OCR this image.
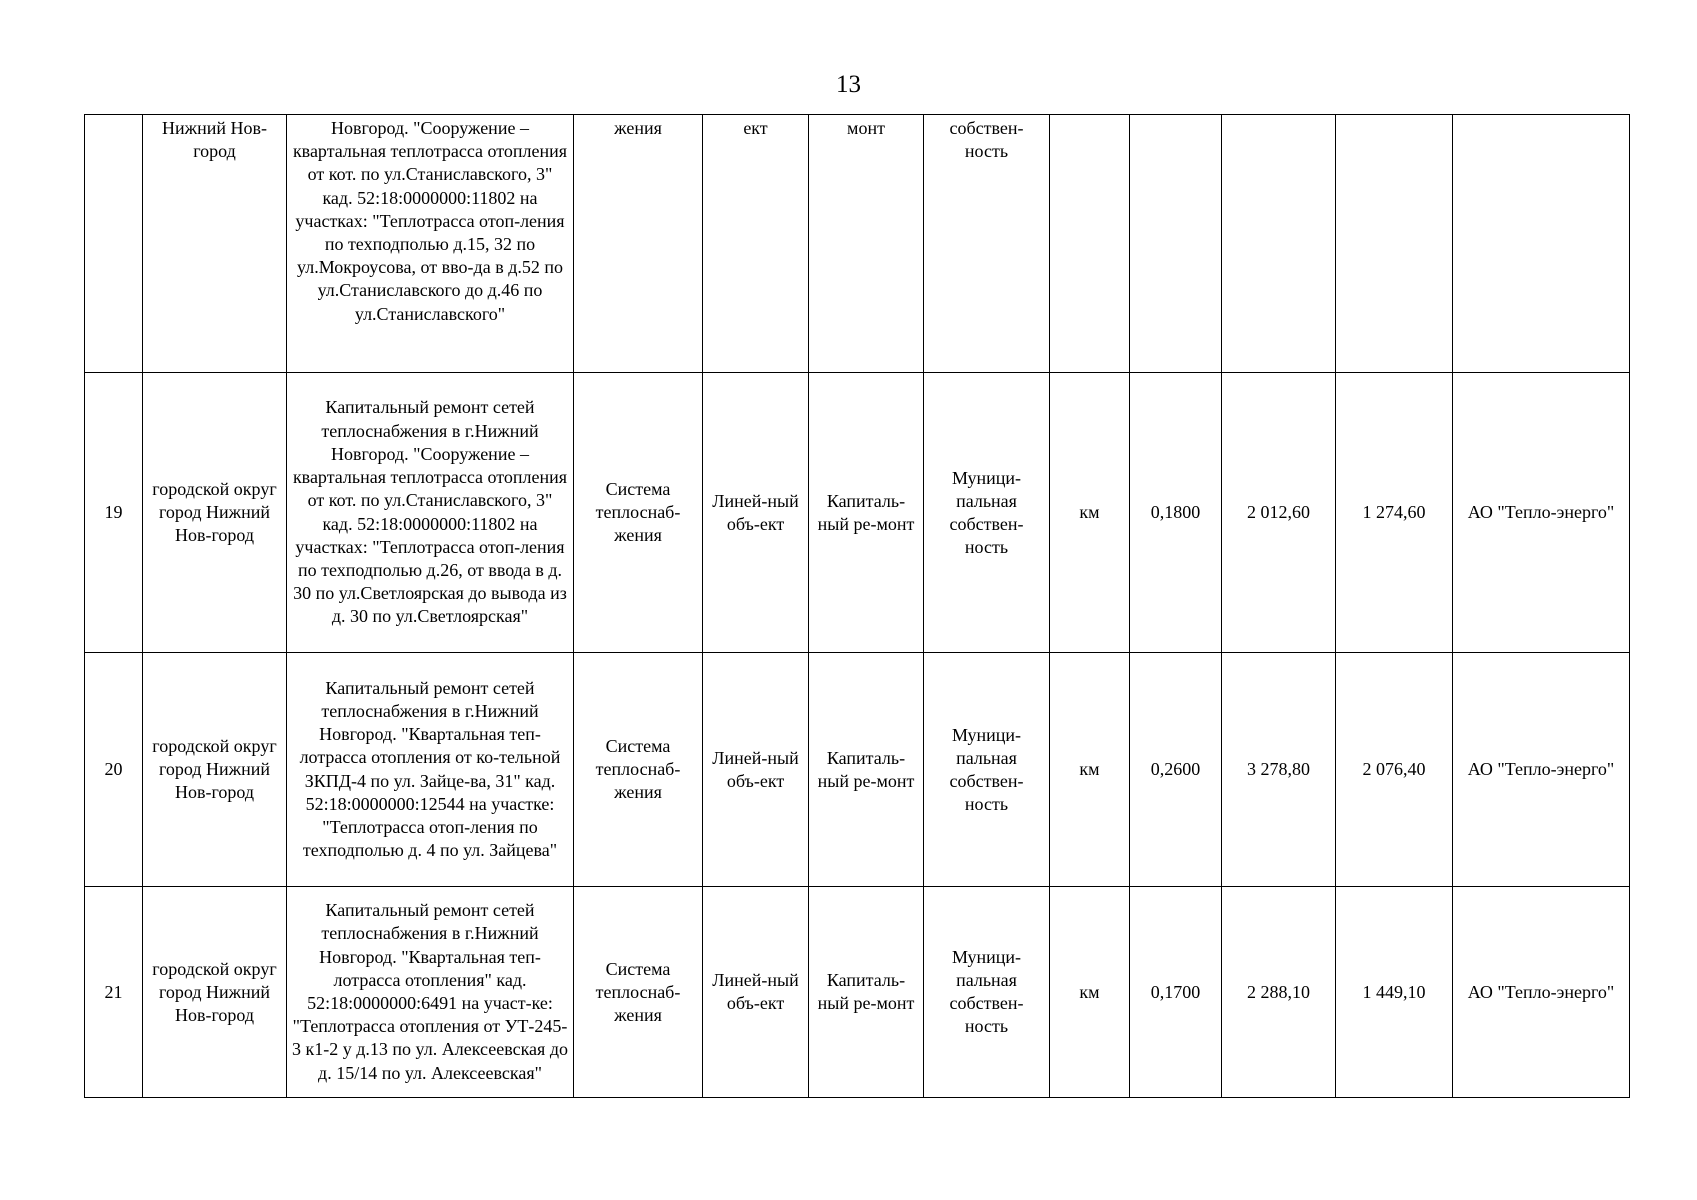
13
	Нижний Нов-город	Новгород. "Сооружение – квартальная теплотрасса отопления от кот. по ул.Станиславского, 3" кад. 52:18:0000000:11802 на участках: "Теплотрасса отоп-ления по техподполью д.15, 32 по ул.Мокроусова, от вво-да в д.52 по ул.Станиславского до д.46 по ул.Станиславского"	жения	ект	монт	собствен-ность					
19	городской округ город Нижний Нов-город	Капитальный ремонт сетей теплоснабжения в г.Нижний Новгород. "Сооружение – квартальная теплотрасса отопления от кот. по ул.Станиславского, 3" кад. 52:18:0000000:11802 на участках: "Теплотрасса отоп-ления по техподполью д.26, от ввода в д. 30 по ул.Светлоярская до вывода из д. 30 по ул.Светлоярская"	Система теплоснаб-жения	Линей-ный объ-ект	Капиталь-ный ре-монт	Муници-пальная собствен-ность	км	0,1800	2 012,60	1 274,60	АО "Тепло-энерго"
20	городской округ город Нижний Нов-город	Капитальный ремонт сетей теплоснабжения в г.Нижний Новгород. "Квартальная теп-лотрасса отопления от ко-тельной ЗКПД-4 по ул. Зайце-ва, 31" кад. 52:18:0000000:12544 на участке: "Теплотрасса отоп-ления по техподполью д. 4 по ул. Зайцева"	Система теплоснаб-жения	Линей-ный объ-ект	Капиталь-ный ре-монт	Муници-пальная собствен-ность	км	0,2600	3 278,80	2 076,40	АО "Тепло-энерго"
21	городской округ город Нижний Нов-город	Капитальный ремонт сетей теплоснабжения в г.Нижний Новгород. "Квартальная теп-лотрасса отопления" кад. 52:18:0000000:6491 на участ-ке: "Теплотрасса отопления от УТ-245-3 к1-2 у д.13 по ул. Алексеевская до д. 15/14 по ул. Алексеевская"	Система теплоснаб-жения	Линей-ный объ-ект	Капиталь-ный ре-монт	Муници-пальная собствен-ность	км	0,1700	2 288,10	1 449,10	АО "Тепло-энерго"
